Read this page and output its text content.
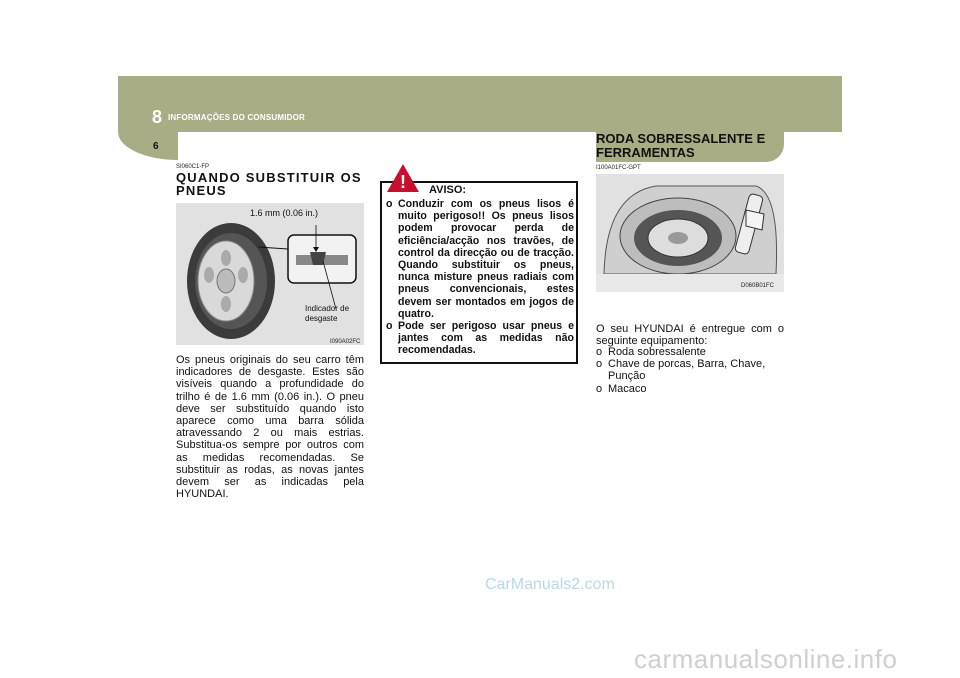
8 INFORMAÇÕES DO CONSUMIDOR
6
SI060C1-FP
QUANDO SUBSTITUIR OS PNEUS
1.6 mm (0.06 in.)
Indicador de desgaste
I090A02FC
Os pneus originais do seu carro têm indicadores de desgaste. Estes são visíveis quando a profundidade do trilho é de 1.6 mm (0.06 in.). O pneu deve ser substituído quando isto aparece como uma barra sólida atravessando 2 ou mais estrias. Substitua-os sempre por outros com as medidas recomendadas. Se substituir as rodas, as novas jantes devem ser as indicadas pela HYUNDAI.
! AVISO:
o Conduzir com os pneus lisos é muito perigoso!! Os pneus lisos podem provocar perda de eficiência/acção nos travões, de control da direcção ou de tracção. Quando substituir os pneus, nunca misture pneus radiais com pneus convencionais, estes devem ser montados em jogos de quatro.
o Pode ser perigoso usar pneus e jantes com as medidas não recomendadas.
RODA SOBRESSALENTE E FERRAMENTAS
I100A01FC-GPT
D060B01FC
O seu HYUNDAI é entregue com o seguinte equipamento:
o Roda sobressalente
o Chave de porcas, Barra, Chave, Punção
o Macaco
CarManuals2.com
carmanualsonline.info
